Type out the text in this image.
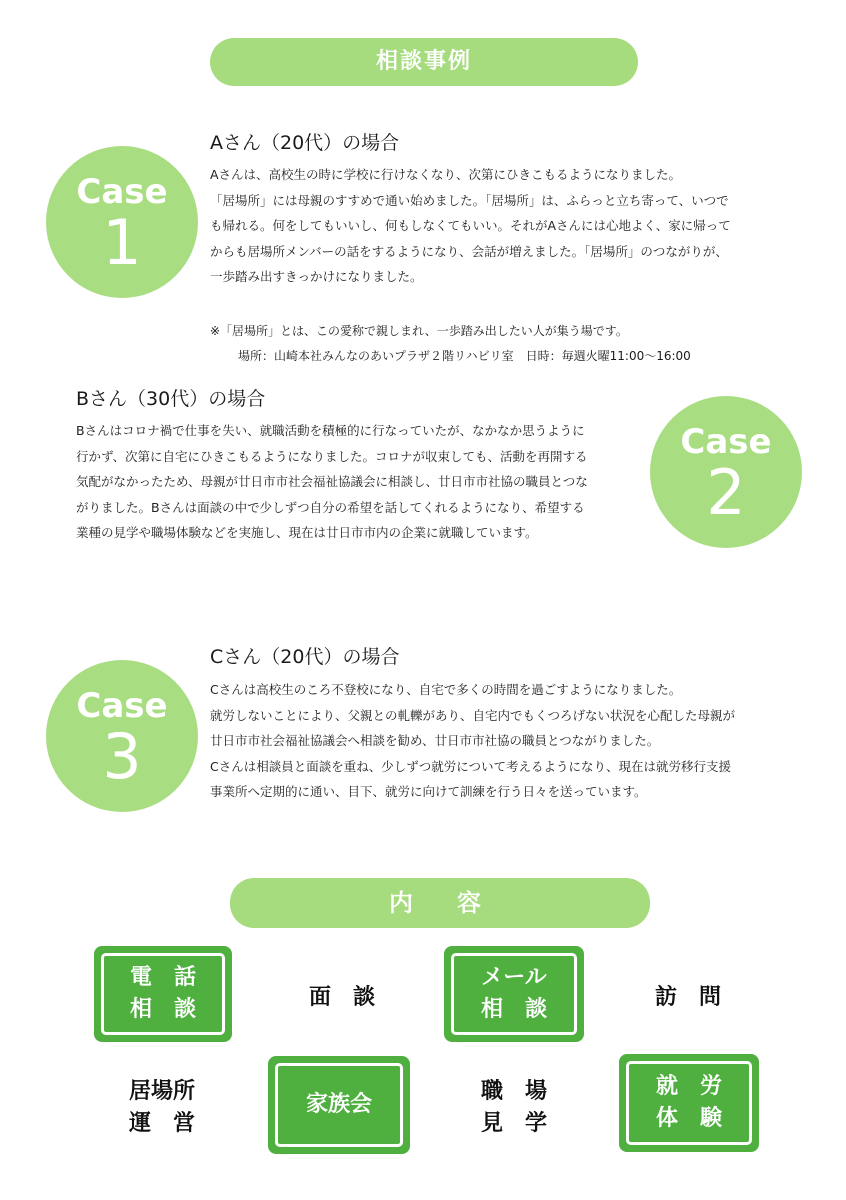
相談事例
Case
1
Aさん（20代）の場合
Aさんは、高校生の時に学校に行けなくなり、次第にひきこもるようになりました。
「居場所」には母親のすすめで通い始めました。「居場所」は、ふらっと立ち寄って、いつで
も帰れる。何をしてもいいし、何もしなくてもいい。それがAさんには心地よく、家に帰って
からも居場所メンバーの話をするようになり、会話が増えました。「居場所」のつながりが、
一歩踏み出すきっかけになりました。
※「居場所」とは、この愛称で親しまれ、一歩踏み出したい人が集う場です。
場所：山崎本社みんなのあいプラザ２階リハビリ室　日時：毎週火曜11:00～16:00
Bさん（30代）の場合
Bさんはコロナ禍で仕事を失い、就職活動を積極的に行なっていたが、なかなか思うように
行かず、次第に自宅にひきこもるようになりました。コロナが収束しても、活動を再開する
気配がなかったため、母親が廿日市市社会福祉協議会に相談し、廿日市市社協の職員とつな
がりました。Bさんは面談の中で少しずつ自分の希望を話してくれるようになり、希望する
業種の見学や職場体験などを実施し、現在は廿日市市内の企業に就職しています。
Case
2
Case
3
Cさん（20代）の場合
Cさんは高校生のころ不登校になり、自宅で多くの時間を過ごすようになりました。
就労しないことにより、父親との軋轢があり、自宅内でもくつろげない状況を心配した母親が
廿日市市社会福祉協議会へ相談を勧め、廿日市市社協の職員とつながりました。
Cさんは相談員と面談を重ね、少しずつ就労について考えるようになり、現在は就労移行支援
事業所へ定期的に通い、目下、就労に向けて訓練を行う日々を送っています。
内　容
電　話
相　談	面　談
メール
相　談	訪　問
居場所
運　営
家族会
職　場
見　学
就　労
体　験
